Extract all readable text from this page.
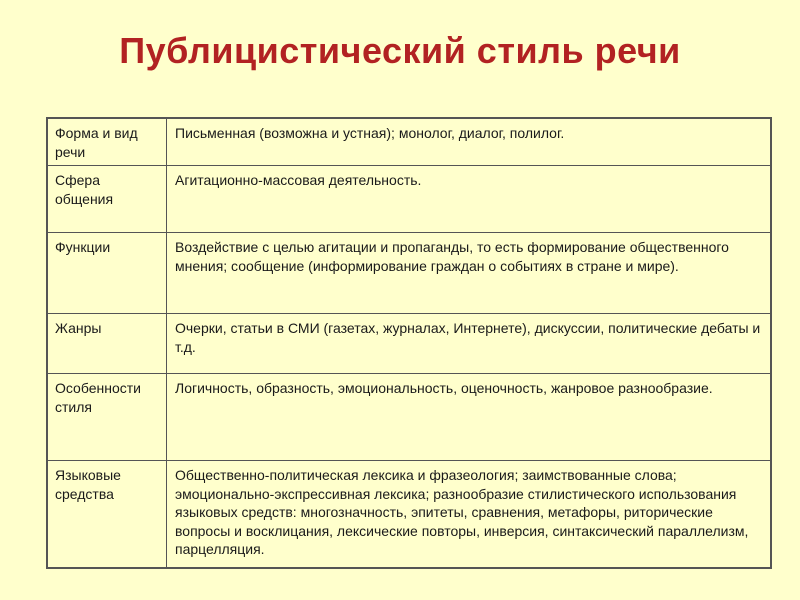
Публицистический стиль речи
Форма и вид речи	Письменная (возможна и устная); монолог, диалог, полилог.
Сфера общения	Агитационно-массовая деятельность.
Функции	Воздействие с целью агитации и пропаганды, то есть формирование общественного мнения; сообщение (информирование граждан о событиях в стране и мире).
Жанры	Очерки, статьи в СМИ (газетах, журналах, Интернете), дискуссии, политические дебаты и т.д.
Особенности стиля	Логичность, образность, эмоциональность, оценочность, жанровое разнообразие.
Языковые средства	Общественно-политическая лексика и фразеология; заимствованные слова; эмоционально-экспрессивная лексика; разнообразие стилистического использования языковых средств: многозначность, эпитеты, сравнения, метафоры, риторические вопросы и восклицания, лексические повторы, инверсия, синтаксический параллелизм, парцелляция.
